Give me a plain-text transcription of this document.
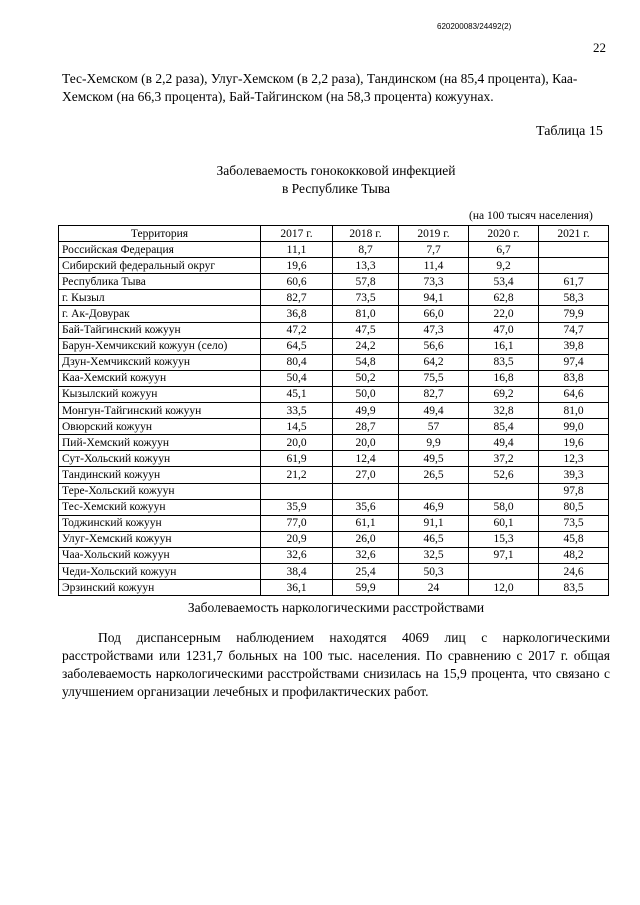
620200083/24492(2)
22

Тес-Хемском (в 2,2 раза), Улуг-Хемском (в 2,2 раза), Тандинском (на 85,4 процента), Каа-Хемском (на 66,3 процента), Бай-Тайгинском (на 58,3 процента) кожуунах.

Таблица 15
Заболеваемость гонококковой инфекцией
в Республике Тыва
(на 100 тысяч населения)
Территория	2017 г.	2018 г.	2019 г.	2020 г.	2021 г.
Российская Федерация	11,1	8,7	7,7	6,7	
Сибирский федеральный округ	19,6	13,3	11,4	9,2	
Республика Тыва	60,6	57,8	73,3	53,4	61,7
г. Кызыл	82,7	73,5	94,1	62,8	58,3
г. Ак-Довурак	36,8	81,0	66,0	22,0	79,9
Бай-Тайгинский кожуун	47,2	47,5	47,3	47,0	74,7
Барун-Хемчикский кожуун (село)	64,5	24,2	56,6	16,1	39,8
Дзун-Хемчикский кожуун	80,4	54,8	64,2	83,5	97,4
Каа-Хемский кожуун	50,4	50,2	75,5	16,8	83,8
Кызылский кожуун	45,1	50,0	82,7	69,2	64,6
Монгун-Тайгинский кожуун	33,5	49,9	49,4	32,8	81,0
Овюрский кожуун	14,5	28,7	57	85,4	99,0
Пий-Хемский кожуун	20,0	20,0	9,9	49,4	19,6
Сут-Хольский кожуун	61,9	12,4	49,5	37,2	12,3
Тандинский кожуун	21,2	27,0	26,5	52,6	39,3
Тере-Хольский кожуун					97,8
Тес-Хемский кожуун	35,9	35,6	46,9	58,0	80,5
Тоджинский кожуун	77,0	61,1	91,1	60,1	73,5
Улуг-Хемский кожуун	20,9	26,0	46,5	15,3	45,8
Чаа-Хольский кожуун	32,6	32,6	32,5	97,1	48,2
Чеди-Хольский кожуун	38,4	25,4	50,3		24,6
Эрзинский кожуун	36,1	59,9	24	12,0	83,5
Заболеваемость наркологическими расстройствами

Под диспансерным наблюдением находятся 4069 лиц с наркологическими расстройствами или 1231,7 больных на 100 тыс. населения. По сравнению с 2017 г. общая заболеваемость наркологическими расстройствами снизилась на 15,9 процента, что связано с улучшением организации лечебных и профилактических работ.
